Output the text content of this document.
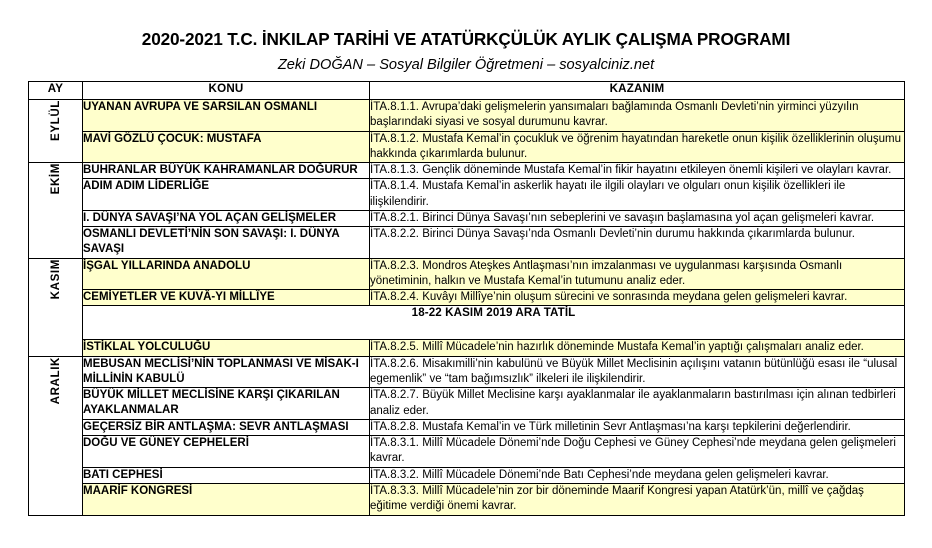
2020-2021 T.C. İNKILAP TARİHİ VE ATATÜRKÇÜLÜK AYLIK ÇALIŞMA PROGRAMI
Zeki DOĞAN – Sosyal Bilgiler Öğretmeni – sosyalciniz.net
AY	KONU	KAZANIM

EYLÜL	UYANAN AVRUPA VE SARSILAN OSMANLI	İTA.8.1.1. Avrupa’daki gelişmelerin yansımaları bağlamında Osmanlı Devleti’nin yirminci yüzyılın başlarındaki siyasi ve sosyal durumunu kavrar.
	MAVİ GÖZLÜ ÇOCUK: MUSTAFA	İTA.8.1.2. Mustafa Kemal’in çocukluk ve öğrenim hayatından hareketle onun kişilik özelliklerinin oluşumu hakkında çıkarımlarda bulunur.

EKİM	BUHRANLAR BÜYÜK KAHRAMANLAR DOĞURUR	İTA.8.1.3. Gençlik döneminde Mustafa Kemal’in fikir hayatını etkileyen önemli kişileri ve olayları kavrar.
	ADIM ADIM LİDERLİĞE	İTA.8.1.4. Mustafa Kemal’in askerlik hayatı ile ilgili olayları ve olguları onun kişilik özellikleri ile ilişkilendirir.
	I. DÜNYA SAVAŞI’NA YOL AÇAN GELİŞMELER	İTA.8.2.1. Birinci Dünya Savaşı’nın sebeplerini ve savaşın başlamasına yol açan gelişmeleri kavrar.
	OSMANLI DEVLETİ’NİN SON SAVAŞI: I. DÜNYA SAVAŞI	İTA.8.2.2. Birinci Dünya Savaşı’nda Osmanlı Devleti’nin durumu hakkında çıkarımlarda bulunur.

KASIM	İŞGAL YILLARINDA ANADOLU	İTA.8.2.3. Mondros Ateşkes Antlaşması’nın imzalanması ve uygulanması karşısında Osmanlı yönetiminin, halkın ve Mustafa Kemal’in tutumunu analiz eder.
	CEMİYETLER VE KUVÂ-YI MİLLÎYE	İTA.8.2.4. Kuvâyı Millîye’nin oluşum sürecini ve sonrasında meydana gelen gelişmeleri kavrar.
	18-22 KASIM 2019 ARA TATİL	
	İSTİKLAL YOLCULUĞU	İTA.8.2.5. Millî Mücadele’nin hazırlık döneminde Mustafa Kemal’in yaptığı çalışmaları analiz eder.

ARALIK	MEBUSAN MECLİSİ’NİN TOPLANMASI VE MİSAK-I MİLLİNİN KABULÜ	İTA.8.2.6. Misakımilli’nin kabulünü ve Büyük Millet Meclisinin açılışını vatanın bütünlüğü esası ile “ulusal egemenlik” ve “tam bağımsızlık” ilkeleri ile ilişkilendirir.
	BÜYÜK MİLLET MECLİSİNE KARŞI ÇIKARILAN AYAKLANMALAR	İTA.8.2.7. Büyük Millet Meclisine karşı ayaklanmalar ile ayaklanmaların bastırılması için alınan tedbirleri analiz eder.
	GEÇERSİZ BİR ANTLAŞMA: SEVR ANTLAŞMASI	İTA.8.2.8. Mustafa Kemal’in ve Türk milletinin Sevr Antlaşması’na karşı tepkilerini değerlendirir.
	DOĞU VE GÜNEY CEPHELERİ	İTA.8.3.1. Millî Mücadele Dönemi’nde Doğu Cephesi ve Güney Cephesi’nde meydana gelen gelişmeleri kavrar.
	BATI CEPHESİ	İTA.8.3.2. Millî Mücadele Dönemi’nde Batı Cephesi’nde meydana gelen gelişmeleri kavrar.
	MAARİF KONGRESİ	İTA.8.3.3. Millî Mücadele’nin zor bir döneminde Maarif Kongresi yapan Atatürk’ün, millî ve çağdaş eğitime verdiği önemi kavrar.
